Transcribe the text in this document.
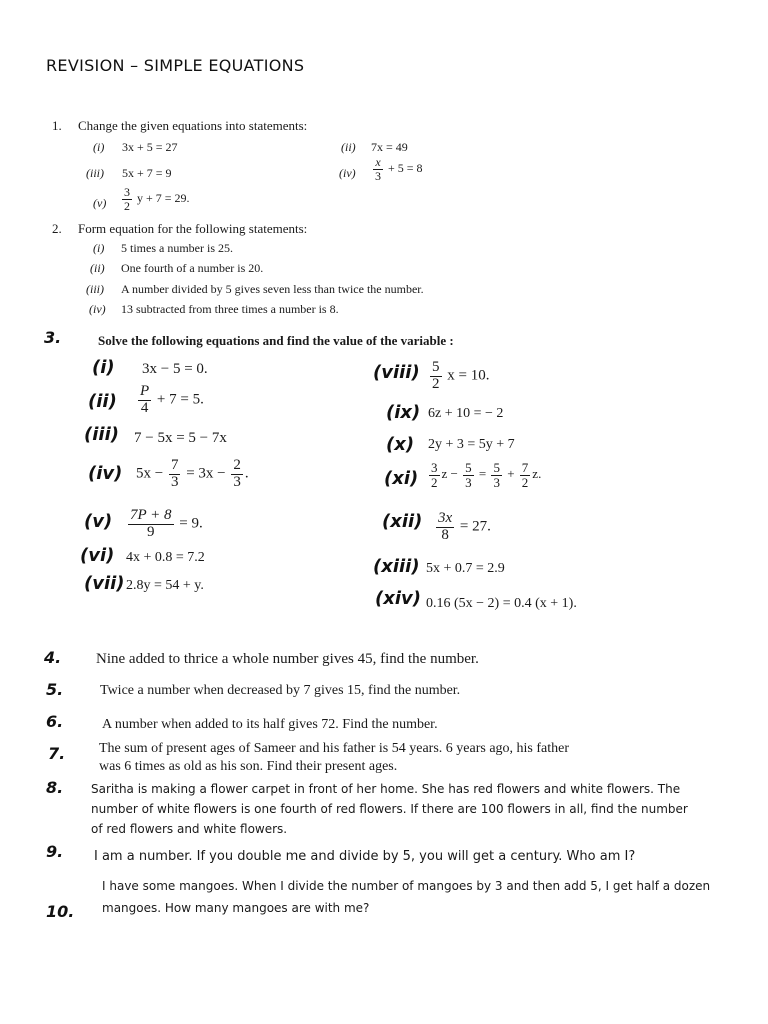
REVISION – SIMPLE EQUATIONS
1. Change the given equations into statements:
(i) 3x + 5 = 27	(ii) 7x = 49
(iii) 5x + 7 = 9	$(iv) \frac{x}{3} + 5 = 8$
$(v) \frac{3}{2}$ y + 7 = 29.
2. Form equation for the following statements:
(i) 5 times a number is 25.
(ii) One fourth of a number is 20.
(iii) A number divided by 5 gives seven less than twice the number.
(iv) 13 subtracted from three times a number is 8.
3.	Solve the following equations and find the value of the variable :
(i) 3x − 5 = 0.
$(ii) \frac{P}{4} + 7 = 5$.
(iii) 7 − 5x = 5 − 7x
(iv) $5x - \frac{7}{3} = 3x - \frac{2}{3}$ .
$(v) \frac{7P + 8}{9} = 9$.
(vi) 4x + 0.8 = 7.2
(vii) 2.8y = 54 + y.
(viii) $\frac{5}{2}$ x = 10.
(ix) 6z + 10 = − 2
(x) 2y + 3 = 5y + 7
$(xi) \frac{3}{2}$ $z - \frac{5}{3} = \frac{5}{3} + \frac{7}{2} z$.
$(xii) \frac{3x}{8} = 27$.
(xiii) 5x + 0.7 = 2.9
(xiv) 0.16 (5x − 2) = 0.4 (x + 1).
4. Nine added to thrice a whole number gives 45, find the number.
5.	Twice a number when decreased by 7 gives 15, find the number.
6.	A number when added to its half gives 72. Find the number.
7. The sum of present ages of Sameer and his father is 54 years. 6 years ago, his father
was 6 times as old as his son. Find their present ages.
8. Saritha is making a flower carpet in front of her home. She has red flowers and white flowers. The
number of white flowers is one fourth of red flowers. If there are 100 flowers in all, find the number
of red flowers and white flowers.
9. I am a number. If you double me and divide by 5, you will get a century. Who am I?
I have some mangoes. When I divide the number of mangoes by 3 and then add 5, I get half a dozen
mangoes. How many mangoes are with me?
10.
